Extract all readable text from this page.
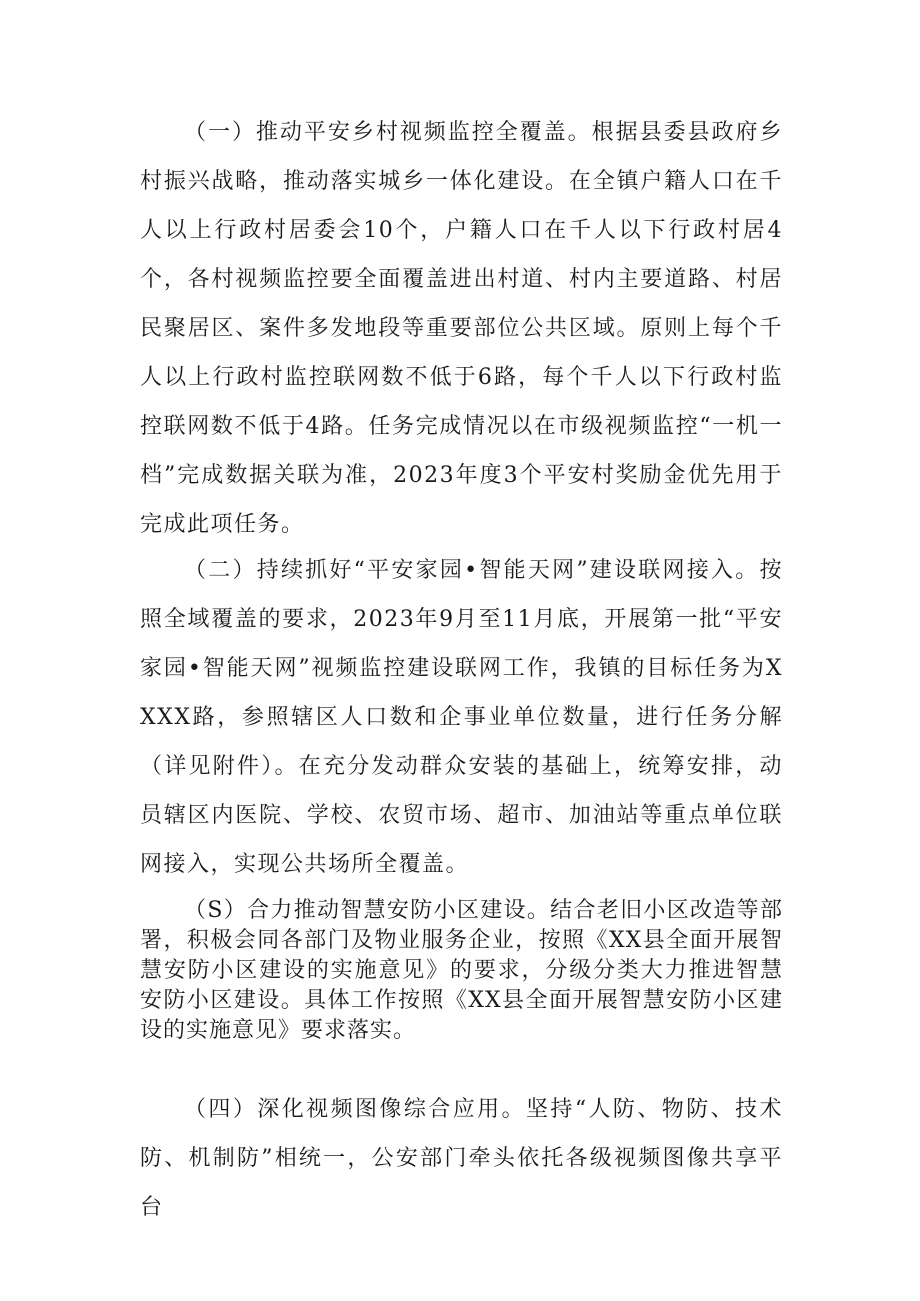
（一）推动平安乡村视频监控全覆盖。根据县委县政府乡村振兴战略，推动落实城乡一体化建设。在全镇户籍人口在千人以上行政村居委会10个，户籍人口在千人以下行政村居4个，各村视频监控要全面覆盖进出村道、村内主要道路、村居民聚居区、案件多发地段等重要部位公共区域。原则上每个千人以上行政村监控联网数不低于6路，每个千人以下行政村监控联网数不低于4路。任务完成情况以在市级视频监控“一机一档”完成数据关联为准，2023年度3个平安村奖励金优先用于完成此项任务。

（二）持续抓好“平安家园•智能天网”建设联网接入。按照全域覆盖的要求，2023年9月至11月底，开展第一批“平安家园•智能天网”视频监控建设联网工作，我镇的目标任务为XXXX路，参照辖区人口数和企事业单位数量，进行任务分解（详见附件）。在充分发动群众安装的基础上，统筹安排，动员辖区内医院、学校、农贸市场、超市、加油站等重点单位联网接入，实现公共场所全覆盖。

（S）合力推动智慧安防小区建设。结合老旧小区改造等部署，积极会同各部门及物业服务企业，按照《XX县全面开展智慧安防小区建设的实施意见》的要求，分级分类大力推进智慧安防小区建设。具体工作按照《XX县全面开展智慧安防小区建设的实施意见》要求落实。

（四）深化视频图像综合应用。坚持“人防、物防、技术防、机制防”相统一，公安部门牵头依托各级视频图像共享平台
